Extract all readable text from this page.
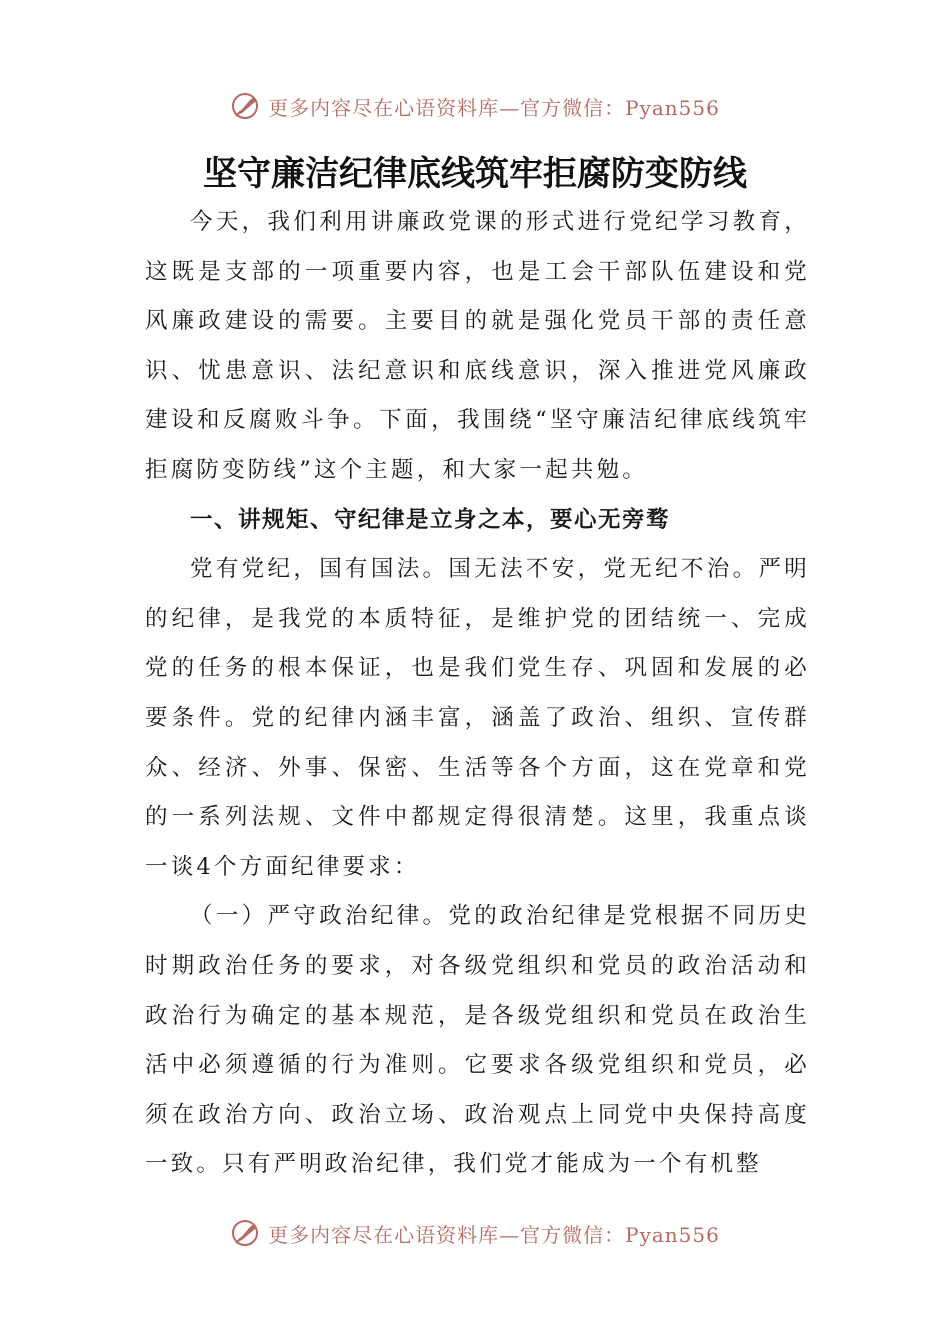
更多内容尽在心语资料库—官方微信：Pyan556
坚守廉洁纪律底线筑牢拒腐防变防线

今天，我们利用讲廉政党课的形式进行党纪学习教育，这既是支部的一项重要内容，也是工会干部队伍建设和党风廉政建设的需要。主要目的就是强化党员干部的责任意识、忧患意识、法纪意识和底线意识，深入推进党风廉政建设和反腐败斗争。下面，我围绕“坚守廉洁纪律底线筑牢拒腐防变防线”这个主题，和大家一起共勉。

一、讲规矩、守纪律是立身之本，要心无旁骛

党有党纪，国有国法。国无法不安，党无纪不治。严明的纪律，是我党的本质特征，是维护党的团结统一、完成党的任务的根本保证，也是我们党生存、巩固和发展的必要条件。党的纪律内涵丰富，涵盖了政治、组织、宣传群众、经济、外事、保密、生活等各个方面，这在党章和党的一系列法规、文件中都规定得很清楚。这里，我重点谈一谈4个方面纪律要求：

（一）严守政治纪律。党的政治纪律是党根据不同历史时期政治任务的要求，对各级党组织和党员的政治活动和政治行为确定的基本规范，是各级党组织和党员在政治生活中必须遵循的行为准则。它要求各级党组织和党员，必须在政治方向、政治立场、政治观点上同党中央保持高度一致。只有严明政治纪律，我们党才能成为一个有机整

更多内容尽在心语资料库—官方微信：Pyan556
